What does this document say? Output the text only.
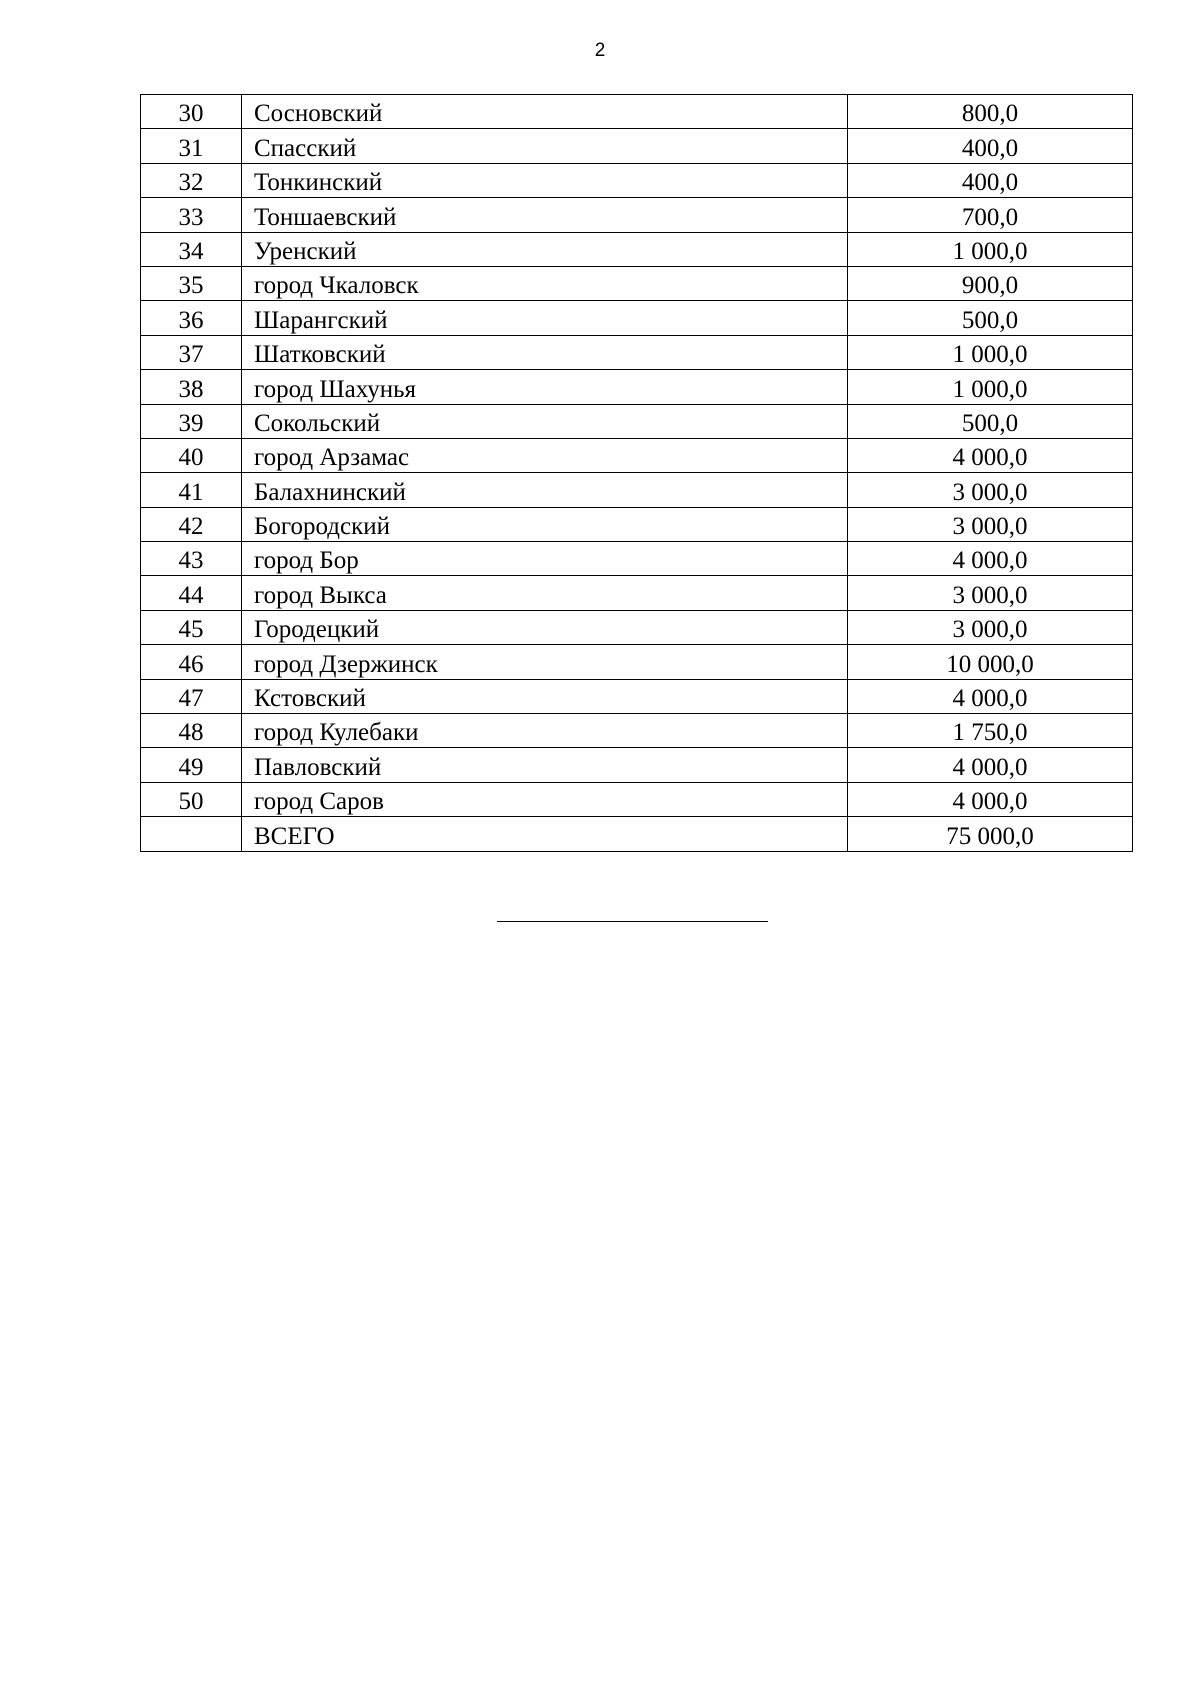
2
30	Сосновский	800,0
31	Спасский	400,0
32	Тонкинский	400,0
33	Тоншаевский	700,0
34	Уренский	1 000,0
35	город Чкаловск	900,0
36	Шарангский	500,0
37	Шатковский	1 000,0
38	город Шахунья	1 000,0
39	Сокольский	500,0
40	город Арзамас	4 000,0
41	Балахнинский	3 000,0
42	Богородский	3 000,0
43	город Бор	4 000,0
44	город Выкса	3 000,0
45	Городецкий	3 000,0
46	город Дзержинск	10 000,0
47	Кстовский	4 000,0
48	город Кулебаки	1 750,0
49	Павловский	4 000,0
50	город Саров	4 000,0
	ВСЕГО	75 000,0
